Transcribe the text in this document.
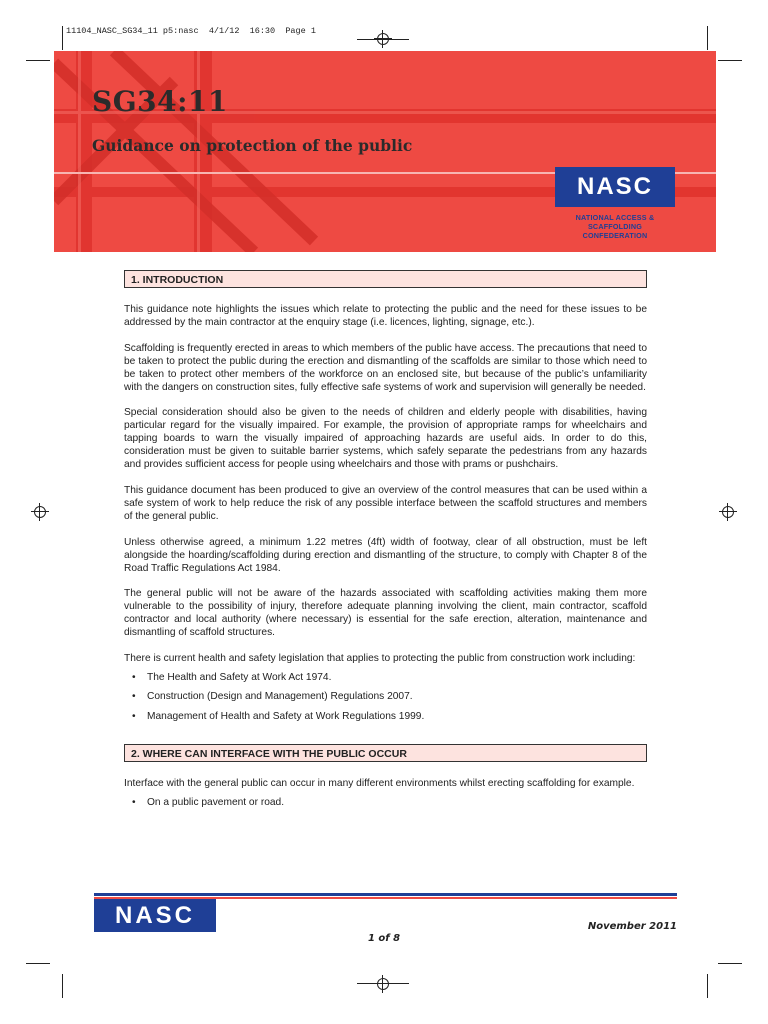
11104_NASC_SG34_11 p5:nasc  4/1/12  16:30  Page 1
SG34:11
Guidance on protection of the public
NASC
NATIONAL ACCESS & SCAFFOLDING
CONFEDERATION
1. INTRODUCTION

This guidance note highlights the issues which relate to protecting the public and the need for these issues to be addressed by the main contractor at the enquiry stage (i.e. licences, lighting, signage, etc.).

Scaffolding is frequently erected in areas to which members of the public have access. The precautions that need to be taken to protect the public during the erection and dismantling of the scaffolds are similar to those which need to be taken to protect other members of the workforce on an enclosed site, but because of the public’s unfamiliarity with the dangers on construction sites, fully effective safe systems of work and supervision will generally be needed.

Special consideration should also be given to the needs of children and elderly people with disabilities, having particular regard for the visually impaired. For example, the provision of appropriate ramps for wheelchairs and tapping boards to warn the visually impaired of approaching hazards are useful aids. In order to do this, consideration must be given to suitable barrier systems, which safely separate the pedestrians from any hazards and provides sufficient access for people using wheelchairs and those with prams or pushchairs.

This guidance document has been produced to give an overview of the control measures that can be used within a safe system of work to help reduce the risk of any possible interface between the scaffold structures and members of the general public.

Unless otherwise agreed, a minimum 1.22 metres (4ft) width of footway, clear of all obstruction, must be left alongside the hoarding/scaffolding during erection and dismantling of the structure, to comply with Chapter 8 of the Road Traffic Regulations Act 1984.

The general public will not be aware of the hazards associated with scaffolding activities making them more vulnerable to the possibility of injury, therefore adequate planning involving the client, main contractor, scaffold contractor and local authority (where necessary) is essential for the safe erection, alteration, maintenance and dismantling of scaffold structures.

There is current health and safety legislation that applies to protecting the public from construction work including:

• The Health and Safety at Work Act 1974.
• Construction (Design and Management) Regulations 2007.
• Management of Health and Safety at Work Regulations 1999.
2. WHERE CAN INTERFACE WITH THE PUBLIC OCCUR

Interface with the general public can occur in many different environments whilst erecting scaffolding for example.

• On a public pavement or road.
NASC	November 2011
1 of 8
